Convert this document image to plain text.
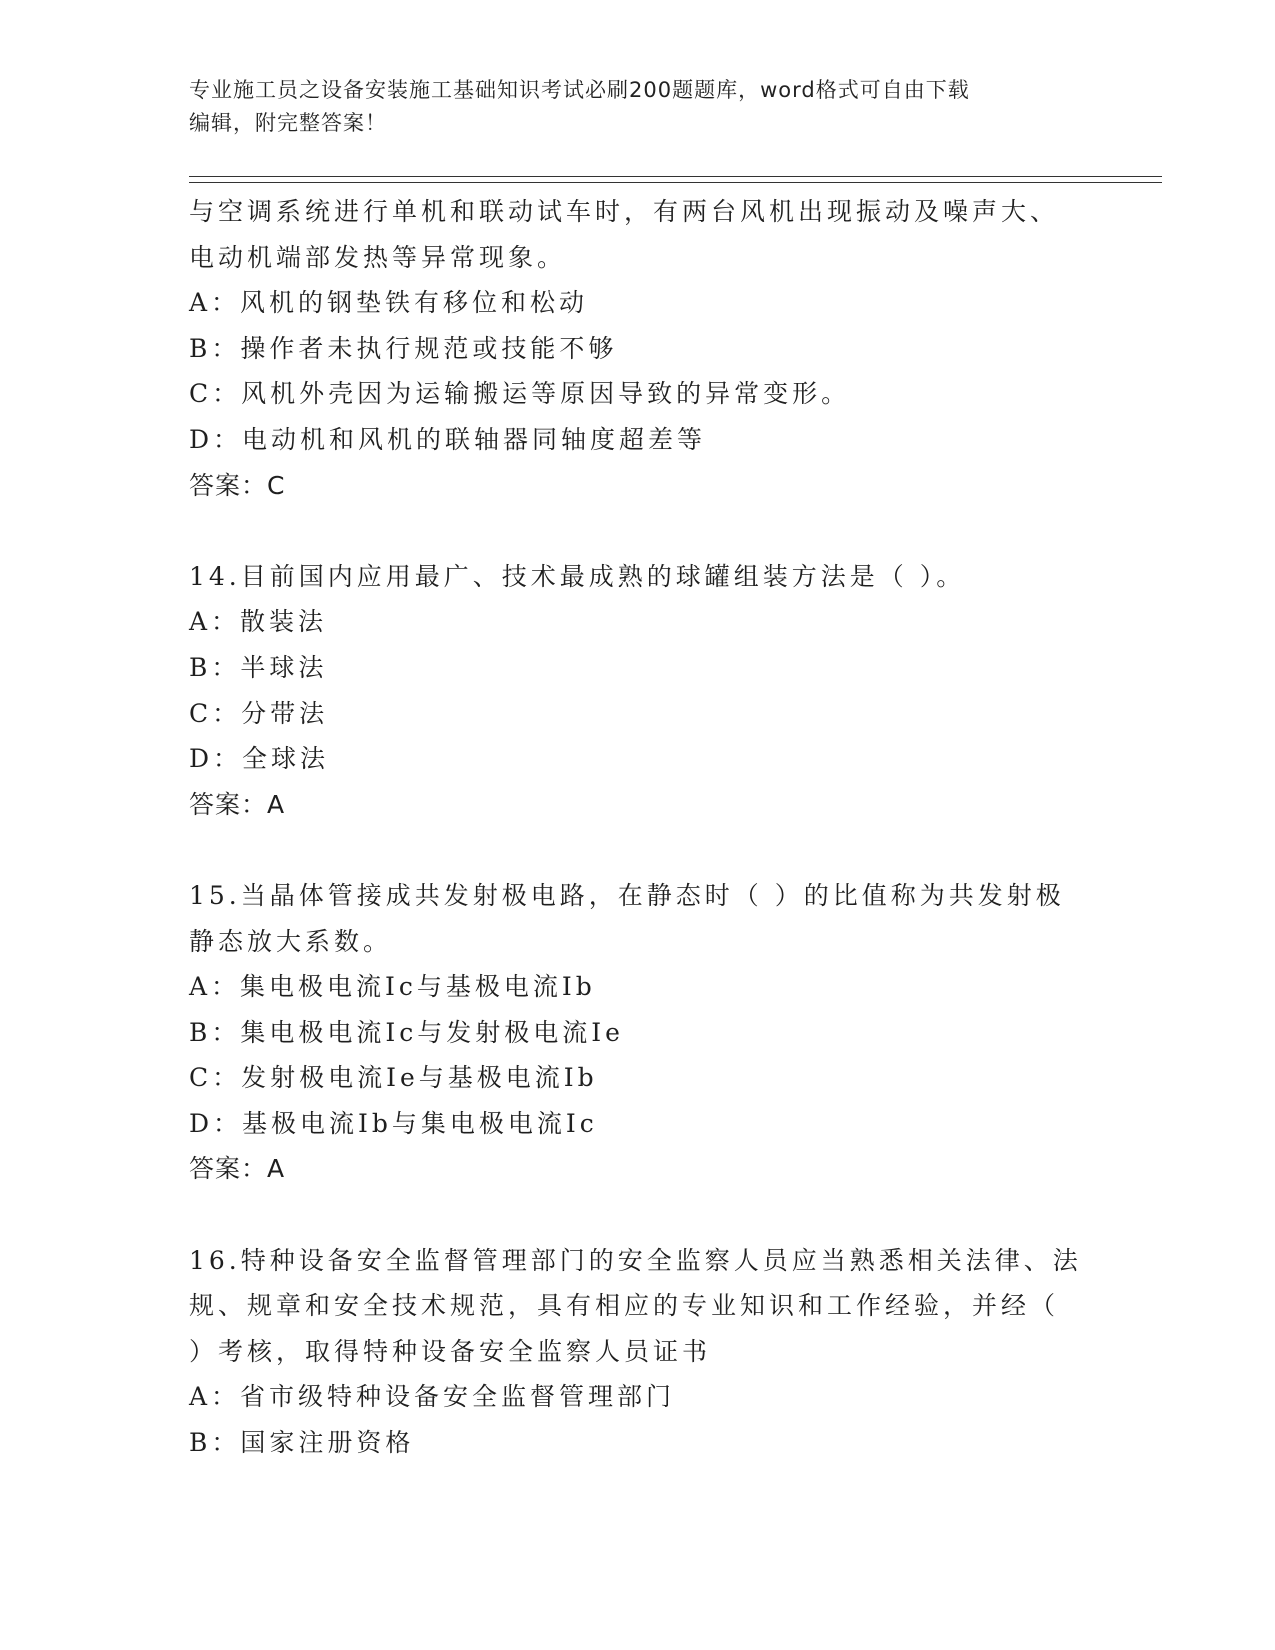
专业施工员之设备安装施工基础知识考试必刷200题题库，word格式可自由下载
编辑，附完整答案！
与空调系统进行单机和联动试车时，有两台风机出现振动及噪声大、
电动机端部发热等异常现象。
A：风机的钢垫铁有移位和松动
B：操作者未执行规范或技能不够
C：风机外壳因为运输搬运等原因导致的异常变形。
D：电动机和风机的联轴器同轴度超差等
答案：C
14.目前国内应用最广、技术最成熟的球罐组装方法是（ ）。
A：散装法
B：半球法
C：分带法
D：全球法
答案：A
15.当晶体管接成共发射极电路，在静态时（ ）的比值称为共发射极
静态放大系数。
A：集电极电流Ic与基极电流Ib
B：集电极电流Ic与发射极电流Ie
C：发射极电流Ie与基极电流Ib
D：基极电流Ib与集电极电流Ic
答案：A
16.特种设备安全监督管理部门的安全监察人员应当熟悉相关法律、法
规、规章和安全技术规范，具有相应的专业知识和工作经验，并经（
）考核，取得特种设备安全监察人员证书
A：省市级特种设备安全监督管理部门
B：国家注册资格
